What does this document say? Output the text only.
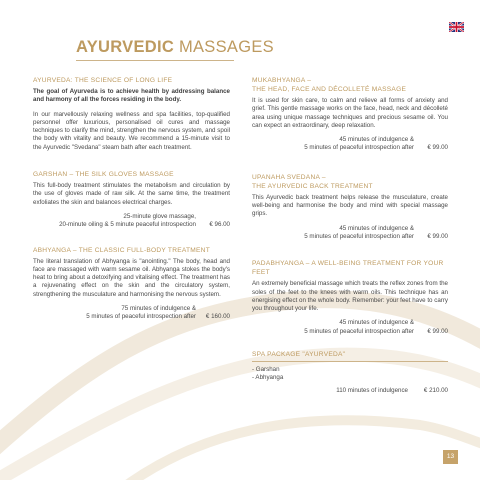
AYURVEDIC MASSAGES

AYURVEDA: THE SCIENCE OF LONG LIFE

The goal of Ayurveda is to achieve health by addressing balance and harmony of all the forces residing in the body.

In our marvellously relaxing wellness and spa facilities, top-qualified personnel offer luxurious, personalised oil cures and massage techniques to clarify the mind, strengthen the nervous system, and spoil the body with vitality and beauty. We recommend a 15-minute visit to the Ayurvedic "Svedana" steam bath after each treatment.

GARSHAN – THE SILK GLOVES MASSAGE

This full-body treatment stimulates the metabolism and circulation by the use of gloves made of raw silk. At the same time, the treatment exfoliates the skin and balances electrical charges.

25-minute glove massage,
20-minute oiling & 5 minute peaceful introspection	€ 96.00

ABHYANGA – THE CLASSIC FULL-BODY TREATMENT

The literal translation of Abhyanga is "anointing." The body, head and face are massaged with warm sesame oil. Abhyanga stokes the body's heat to bring about a detoxifying and vitalising effect. The treatment has a rejuvenating effect on the skin and the circulatory system, strengthening the musculature and harmonising the nervous system.

75 minutes of indulgence &
5 minutes of peaceful introspection after	€ 160.00

MUKABHYANGA –
THE HEAD, FACE AND DÉCOLLETÉ MASSAGE

It is used for skin care, to calm and relieve all forms of anxiety and grief. This gentle massage works on the face, head, neck and décolleté area using unique massage techniques and precious sesame oil. You can expect an extraordinary, deep relaxation.

45 minutes of indulgence &
5 minutes of peaceful introspection after	€ 99.00

UPANAHA SVEDANA –
THE AYURVEDIC BACK TREATMENT

This Ayurvedic back treatment helps release the musculature, create well-being and harmonise the body and mind with special massage grips.

45 minutes of indulgence &
5 minutes of peaceful introspection after	€ 99.00

PADABHYANGA – A WELL-BEING TREATMENT FOR YOUR FEET

An extremely beneficial massage which treats the reflex zones from the soles of the feet to the knees with warm oils. This technique has an energising effect on the whole body. Remember: your feet have to carry you throughout your life.

45 minutes of indulgence &
5 minutes of peaceful introspection after	€ 99.00

SPA PACKAGE "AYURVEDA"

- Garshan
- Abhyanga
110 minutes of indulgence	€ 210.00
13
